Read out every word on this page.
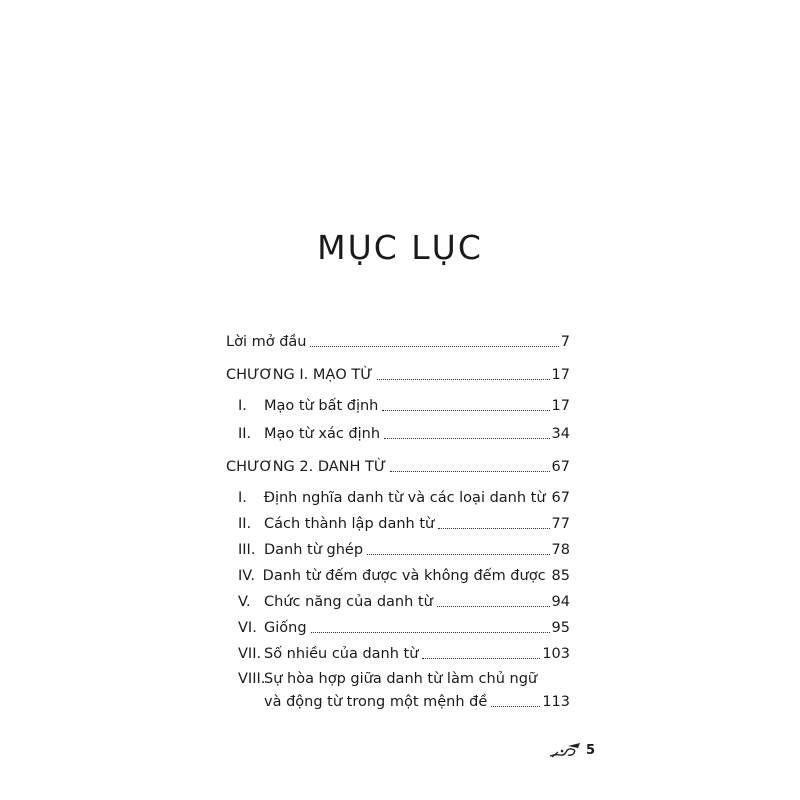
MỤC LỤC
Lời mở đầu	7
CHƯƠNG I. MẠO TỪ	17
I.	Mạo từ bất định	17
II. Mạo từ xác định	34
CHƯƠNG 2. DANH TỪ	67
I.	Định nghĩa danh từ và các loại danh từ 67
II. Cách thành lập danh từ	77
III. Danh từ ghép	78
IV. Danh từ đếm được và không đếm được 85
V. Chức năng của danh từ	94
VI. Giống	95
VII. Số nhiều của danh từ	103
VIII.Sự hòa hợp giữa danh từ làm chủ ngữ
và động từ trong một mệnh đề	113
5
